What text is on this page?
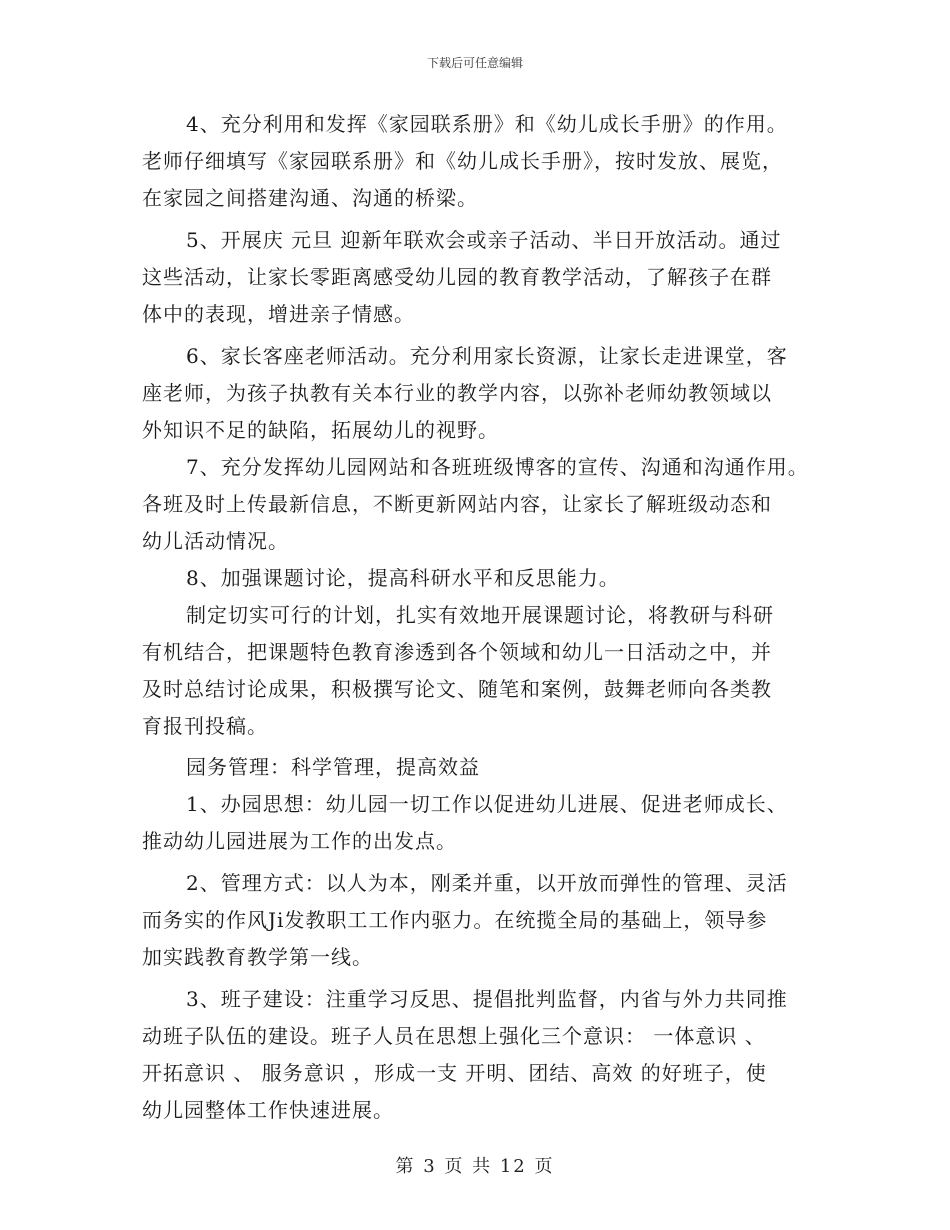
下载后可任意编辑
4、充分利用和发挥《家园联系册》和《幼儿成长手册》的作用。
老师仔细填写《家园联系册》和《幼儿成长手册》，按时发放、展览，
在家园之间搭建沟通、沟通的桥梁。
5、开展庆 元旦 迎新年联欢会或亲子活动、半日开放活动。通过
这些活动，让家长零距离感受幼儿园的教育教学活动，了解孩子在群
体中的表现，增进亲子情感。
6、家长客座老师活动。充分利用家长资源，让家长走进课堂，客
座老师，为孩子执教有关本行业的教学内容，以弥补老师幼教领域以
外知识不足的缺陷，拓展幼儿的视野。
7、充分发挥幼儿园网站和各班班级博客的宣传、沟通和沟通作用。
各班及时上传最新信息，不断更新网站内容，让家长了解班级动态和
幼儿活动情况。
8、加强课题讨论，提高科研水平和反思能力。
制定切实可行的计划，扎实有效地开展课题讨论，将教研与科研
有机结合，把课题特色教育渗透到各个领域和幼儿一日活动之中，并
及时总结讨论成果，积极撰写论文、随笔和案例，鼓舞老师向各类教
育报刊投稿。
园务管理：科学管理，提高效益
1、办园思想：幼儿园一切工作以促进幼儿进展、促进老师成长、
推动幼儿园进展为工作的出发点。
2、管理方式：以人为本，刚柔并重，以开放而弹性的管理、灵活
而务实的作风Ji发教职工工作内驱力。在统揽全局的基础上，领导参
加实践教育教学第一线。
3、班子建设：注重学习反思、提倡批判监督，内省与外力共同推
动班子队伍的建设。班子人员在思想上强化三个意识： 一体意识 、
开拓意识 、 服务意识 ，形成一支 开明、团结、高效 的好班子，使
幼儿园整体工作快速进展。
第 3 页 共 12 页
